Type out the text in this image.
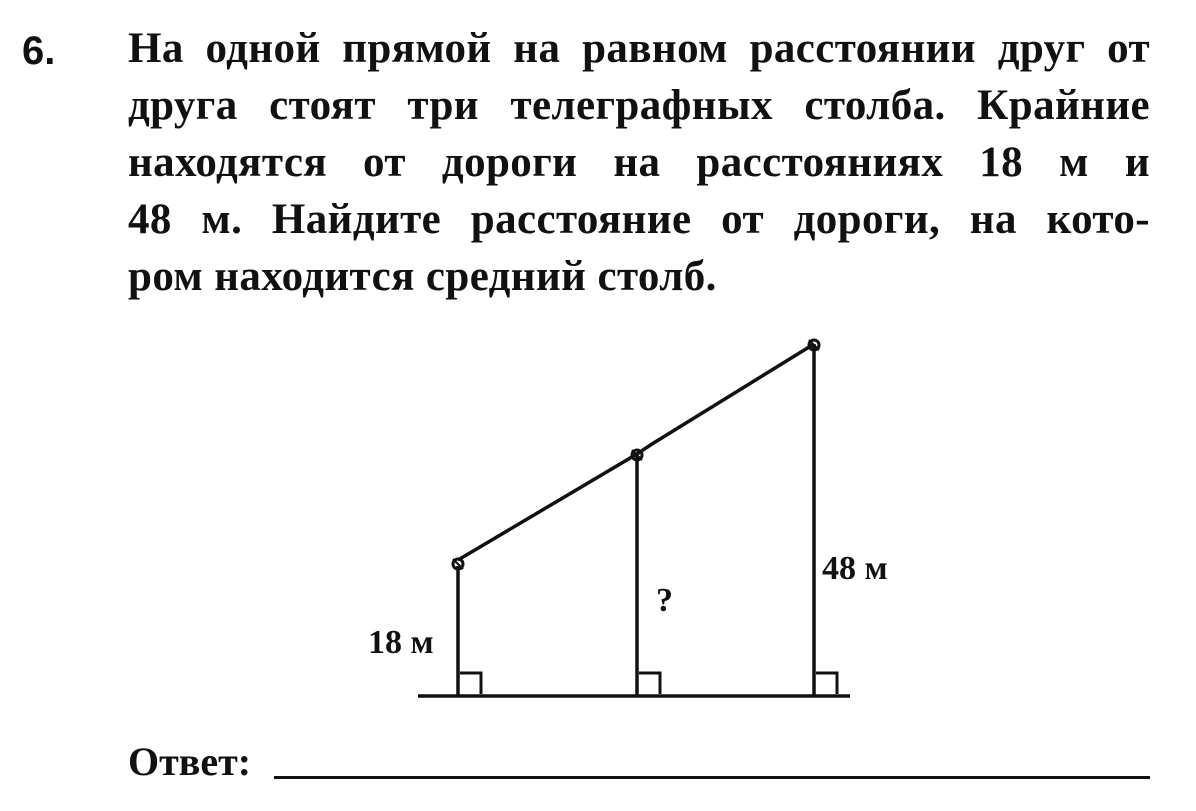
6. На одной прямой на равном расстоянии друг от
друга стоят три телеграфных столба. Крайние
находятся от дороги на расстояниях 18 м и
48 м. Найдите расстояние от дороги, на кото-
ром находится средний столб.
18 м
?
48 м
Ответ:
